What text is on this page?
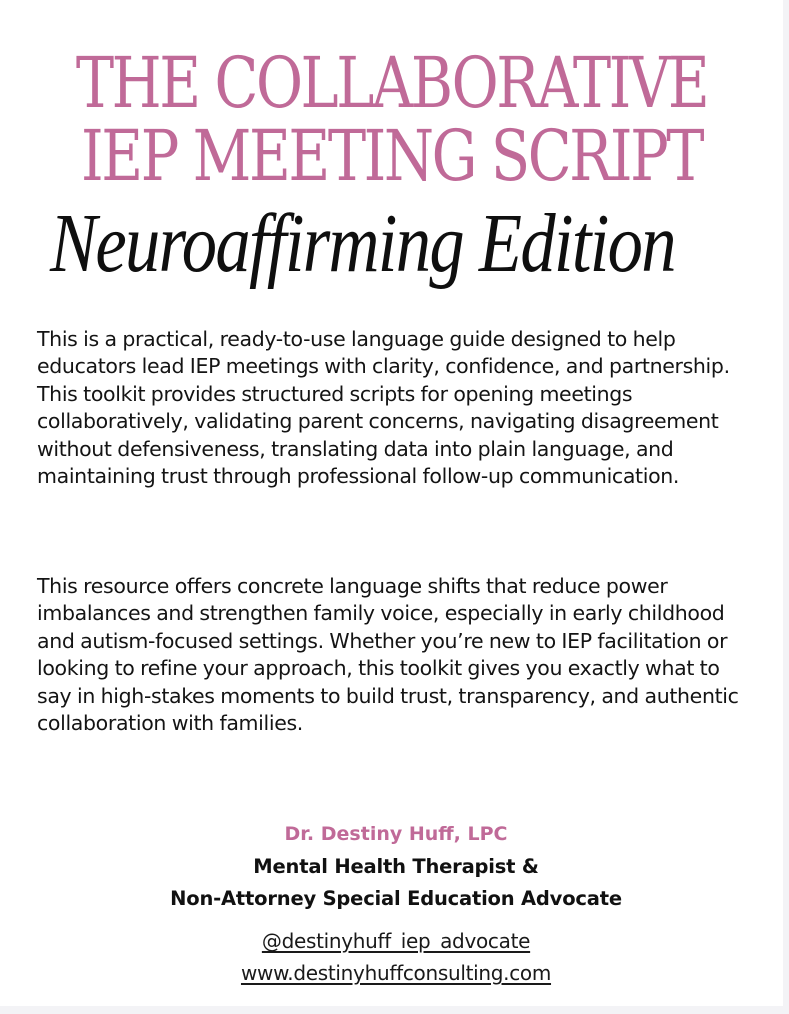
THE COLLABORATIVE
IEP MEETING SCRIPT
Neuroaffirming Edition

This is a practical, ready-to-use language guide designed to help educators lead IEP meetings with clarity, confidence, and partnership. This toolkit provides structured scripts for opening meetings collaboratively, validating parent concerns, navigating disagreement without defensiveness, translating data into plain language, and maintaining trust through professional follow-up communication.

This resource offers concrete language shifts that reduce power imbalances and strengthen family voice, especially in early childhood and autism-focused settings. Whether you’re new to IEP facilitation or looking to refine your approach, this toolkit gives you exactly what to say in high-stakes moments to build trust, transparency, and authentic collaboration with families.

Dr. Destiny Huff, LPC

Mental Health Therapist &

Non-Attorney Special Education Advocate

@destinyhuff_iep_advocate

www.destinyhuffconsulting.com
